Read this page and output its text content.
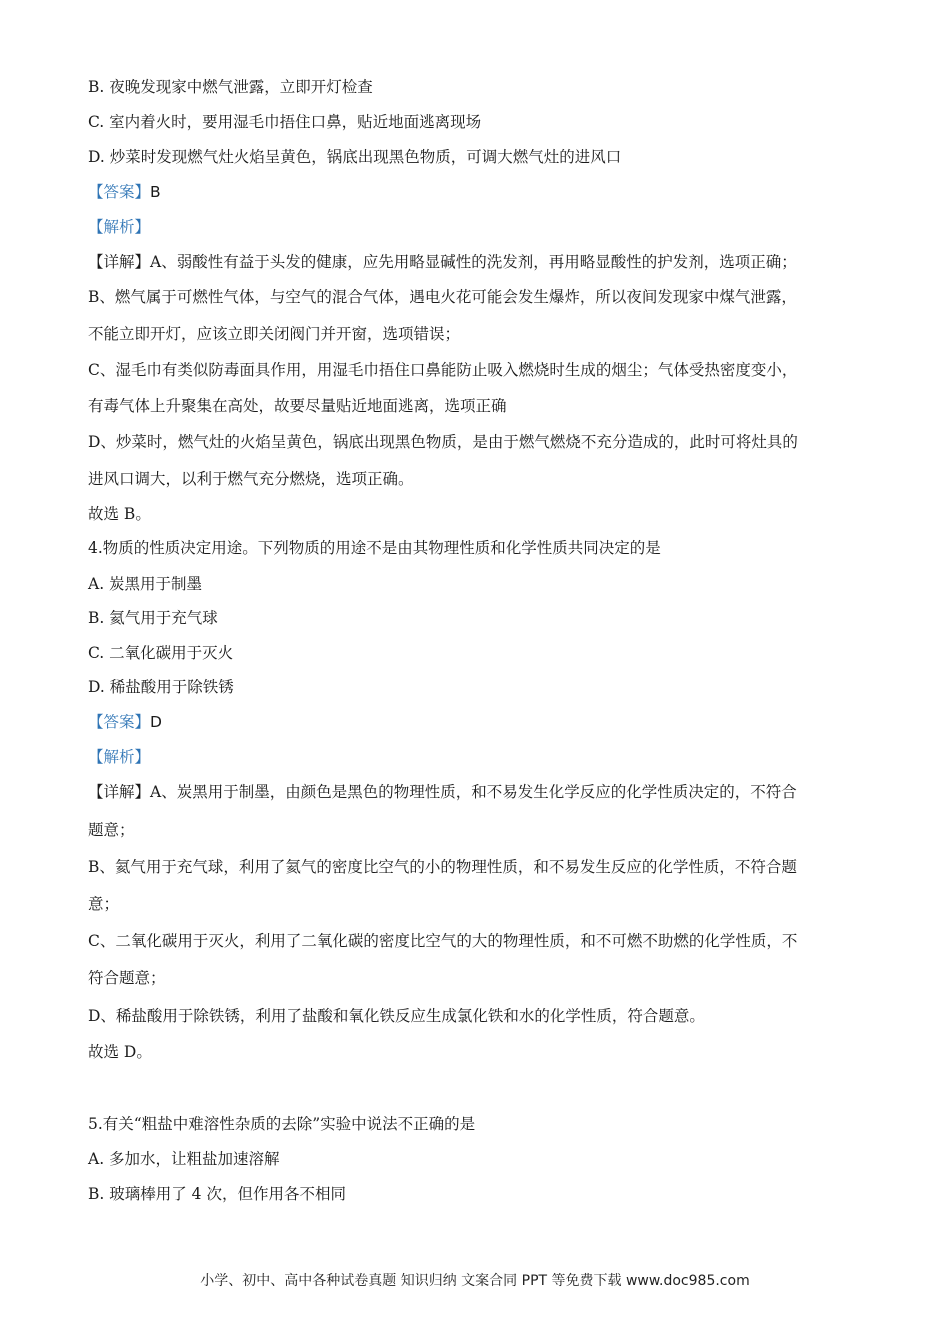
B. 夜晚发现家中燃气泄露，立即开灯检查
C. 室内着火时，要用湿毛巾捂住口鼻，贴近地面逃离现场
D. 炒菜时发现燃气灶火焰呈黄色，锅底出现黑色物质，可调大燃气灶的进风口
【答案】B
【解析】
【详解】A、弱酸性有益于头发的健康，应先用略显碱性的洗发剂，再用略显酸性的护发剂，选项正确；
B、燃气属于可燃性气体，与空气的混合气体，遇电火花可能会发生爆炸，所以夜间发现家中煤气泄露，
不能立即开灯，应该立即关闭阀门并开窗，选项错误；
C、湿毛巾有类似防毒面具作用，用湿毛巾捂住口鼻能防止吸入燃烧时生成的烟尘；气体受热密度变小，
有毒气体上升聚集在高处，故要尽量贴近地面逃离，选项正确
D、炒菜时，燃气灶的火焰呈黄色，锅底出现黑色物质，是由于燃气燃烧不充分造成的，此时可将灶具的
进风口调大，以利于燃气充分燃烧，选项正确。
故选 B。
4.物质的性质决定用途。下列物质的用途不是由其物理性质和化学性质共同决定的是
A. 炭黑用于制墨
B. 氦气用于充气球
C. 二氧化碳用于灭火
D. 稀盐酸用于除铁锈
【答案】D
【解析】
【详解】A、炭黑用于制墨，由颜色是黑色的物理性质，和不易发生化学反应的化学性质决定的，不符合
题意；
B、氦气用于充气球，利用了氦气的密度比空气的小的物理性质，和不易发生反应的化学性质，不符合题
意；
C、二氧化碳用于灭火，利用了二氧化碳的密度比空气的大的物理性质，和不可燃不助燃的化学性质，不
符合题意；
D、稀盐酸用于除铁锈，利用了盐酸和氧化铁反应生成氯化铁和水的化学性质，符合题意。
故选 D。
5.有关“粗盐中难溶性杂质的去除”实验中说法不正确的是
A. 多加水，让粗盐加速溶解
B. 玻璃棒用了 4 次，但作用各不相同
小学、初中、高中各种试卷真题 知识归纳 文案合同 PPT 等免费下载 www.doc985.com
